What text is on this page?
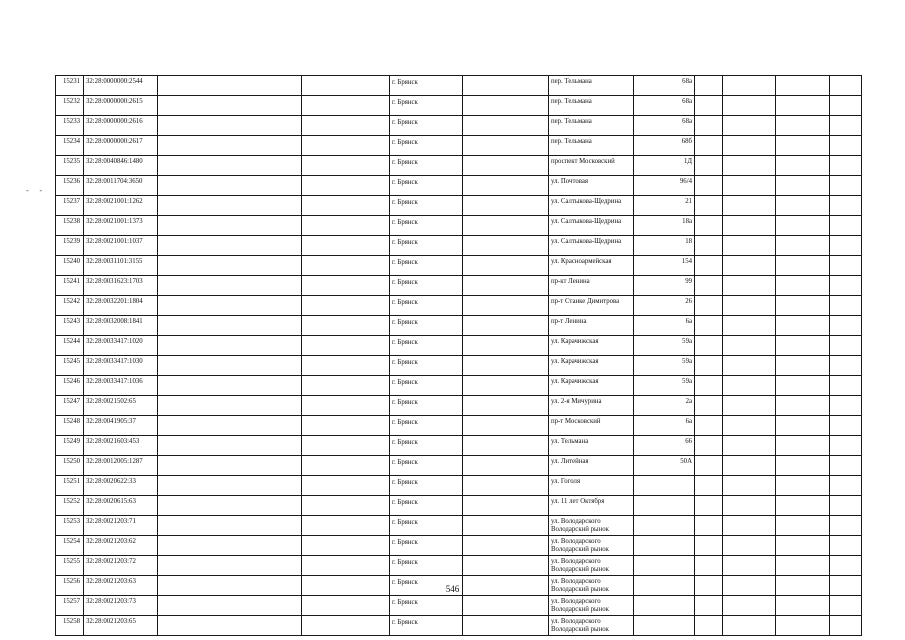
- -
15231	32:28:0000000:2544			г. Брянск		пер. Тельмана	68а				
15232	32:28:0000000:2615			г. Брянск		пер. Тельмана	68а				
15233	32:28:0000000:2616			г. Брянск		пер. Тельмана	68а				
15234	32:28:0000000:2617			г. Брянск		пер. Тельмана	68б				
15235	32:28:0040846:1480			г. Брянск		проспект Московский	1Д				
15236	32:28:0011704:3650			г. Брянск		ул. Почтовая	96/4				
15237	32:28:0021001:1262			г. Брянск		ул. Салтыкова-Щедрина	21				
15238	32:28:0021001:1373			г. Брянск		ул. Салтыкова-Щедрина	18а				
15239	32:28:0021001:1037			г. Брянск		ул. Салтыкова-Щедрина	18				
15240	32:28:0031101:3155			г. Брянск		ул. Красноармейская	154				
15241	32:28:0031623:1703			г. Брянск		пр-кт Ленина	99				
15242	32:28:0032201:1804			г. Брянск		пр-т Станке Димитрова	26				
15243	32:28:0032008:1841			г. Брянск		пр-т Ленина	6а				
15244	32:28:0033417:1020			г. Брянск		ул. Карачижская	59а				
15245	32:28:0033417:1030			г. Брянск		ул. Карачижская	59а				
15246	32:28:0033417:1036			г. Брянск		ул. Карачижская	59а				
15247	32:28:0021502:65			г. Брянск		ул. 2-я Мичурина	2а				
15248	32:28:0041905:37			г. Брянск		пр-т Московский	6а				
15249	32:28:0021603:453			г. Брянск		ул. Тельмана	66				
15250	32:28:0012005:1287			г. Брянск		ул. Литейная	50А				
15251	32:28:0020622:33			г. Брянск		ул. Гоголя					
15252	32:28:0020615:63			г. Брянск		ул. 11 лет Октября					
15253	32:28:0021203:71			г. Брянск		ул. Володарского Володарский рынок					
15254	32:28:0021203:62			г. Брянск		ул. Володарского Володарский рынок					
15255	32:28:0021203:72			г. Брянск		ул. Володарского Володарский рынок					
15256	32:28:0021203:63			г. Брянск		ул. Володарского Володарский рынок					
15257	32:28:0021203:73			г. Брянск		ул. Володарского Володарский рынок					
15258	32:28:0021203:65			г. Брянск		ул. Володарского Володарский рынок					
546
